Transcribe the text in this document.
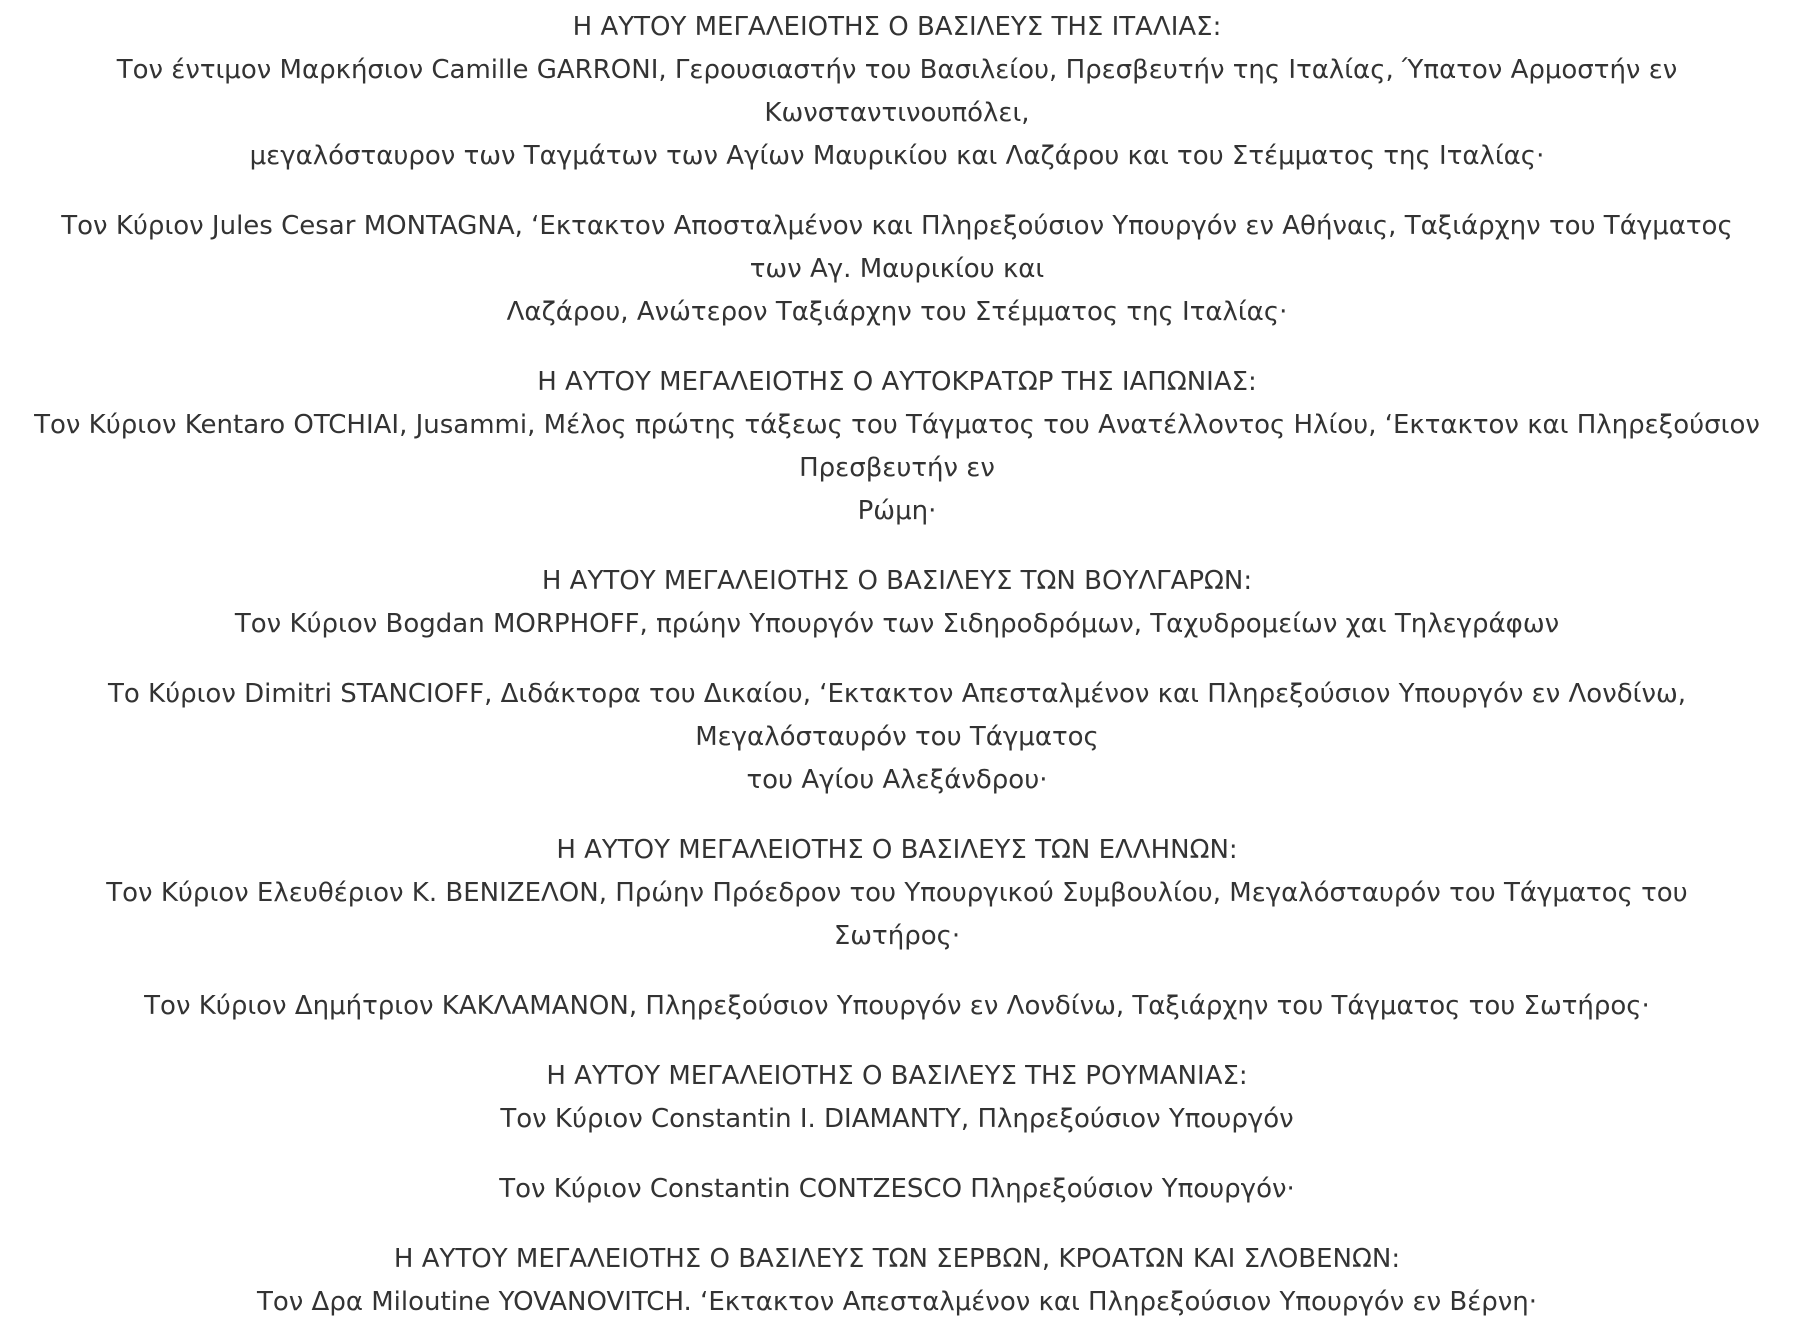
Η ΑΥΤΟΥ ΜΕΓΑΛΕΙΟΤΗΣ Ο ΒΑΣΙΛΕΥΣ ΤΗΣ ΙΤΑΛΙΑΣ:
Τον έντιμον Μαρκήσιον Camille GARRONI, Γερουσιαστήν του Βασιλείου, Πρεσβευτήν της Ιταλίας, Ύπατον Αρμοστήν εν
Κωνσταντινουπόλει,
μεγαλόσταυρον των Ταγμάτων των Αγίων Μαυρικίου και Λαζάρου και του Στέμματος της Ιταλίας·
Τον Κύριον Jules Cesar MONTAGNA, ‘Εκτακτον Αποσταλμένον και Πληρεξούσιον Υπουργόν εν Αθήναις, Ταξιάρχην του Τάγματος
των Αγ. Μαυρικίου και
Λαζάρου, Ανώτερον Ταξιάρχην του Στέμματος της Ιταλίας·
Η ΑΥΤΟΥ ΜΕΓΑΛΕΙΟΤΗΣ Ο ΑΥΤΟΚΡΑΤΩΡ ΤΗΣ ΙΑΠΩΝΙΑΣ:
Τον Κύριον Kentaro OTCHIAI, Jusammi, Μέλος πρώτης τάξεως του Τάγματος του Ανατέλλοντος Ηλίου, ‘Εκτακτον και Πληρεξούσιον
Πρεσβευτήν εν
Ρώμη·
Η ΑΥΤΟΥ ΜΕΓΑΛΕΙΟΤΗΣ Ο ΒΑΣΙΛΕΥΣ ΤΩΝ ΒΟΥΛΓΑΡΩΝ:
Τον Κύριον Bogdan MORPHOFF, πρώην Υπουργόν των Σιδηροδρόμων, Ταχυδρομείων χαι Τηλεγράφων
Το Κύριον Dimitri STANCIOFF, Διδάκτορα του Δικαίου, ‘Εκτακτον Απεσταλμένον και Πληρεξούσιον Υπουργόν εν Λονδίνω,
Μεγαλόσταυρόν του Τάγματος
του Αγίου Αλεξάνδρου·
Η ΑΥΤΟΥ ΜΕΓΑΛΕΙΟΤΗΣ Ο ΒΑΣΙΛΕΥΣ ΤΩΝ ΕΛΛΗΝΩΝ:
Τον Κύριον Ελευθέριον Κ. ΒΕΝΙΖΕΛΟΝ, Πρώην Πρόεδρον του Υπουργικού Συμβουλίου, Μεγαλόσταυρόν του Τάγματος του
Σωτήρος·
Τον Κύριον Δημήτριον ΚΑΚΛΑΜΑΝΟΝ, Πληρεξούσιον Υπουργόν εν Λονδίνω, Ταξιάρχην του Τάγματος του Σωτήρος·
Η ΑΥΤΟΥ ΜΕΓΑΛΕΙΟΤΗΣ Ο ΒΑΣΙΛΕΥΣ ΤΗΣ ΡΟΥΜΑΝΙΑΣ:
Τον Κύριον Constantin I. DIAMANTY, Πληρεξούσιον Υπουργόν
Τον Κύριον Constantin CONTZESCO Πληρεξούσιον Υπουργόν·
Η ΑΥΤΟΥ ΜΕΓΑΛΕΙΟΤΗΣ Ο ΒΑΣΙΛΕΥΣ ΤΩΝ ΣΕΡΒΩΝ, ΚΡΟΑΤΩΝ ΚΑΙ ΣΛΟΒΕΝΩΝ:
Τον Δρα Miloutine YOVANOVITCH. ‘Εκτακτον Απεσταλμένον και Πληρεξούσιον Υπουργόν εν Βέρνη·
